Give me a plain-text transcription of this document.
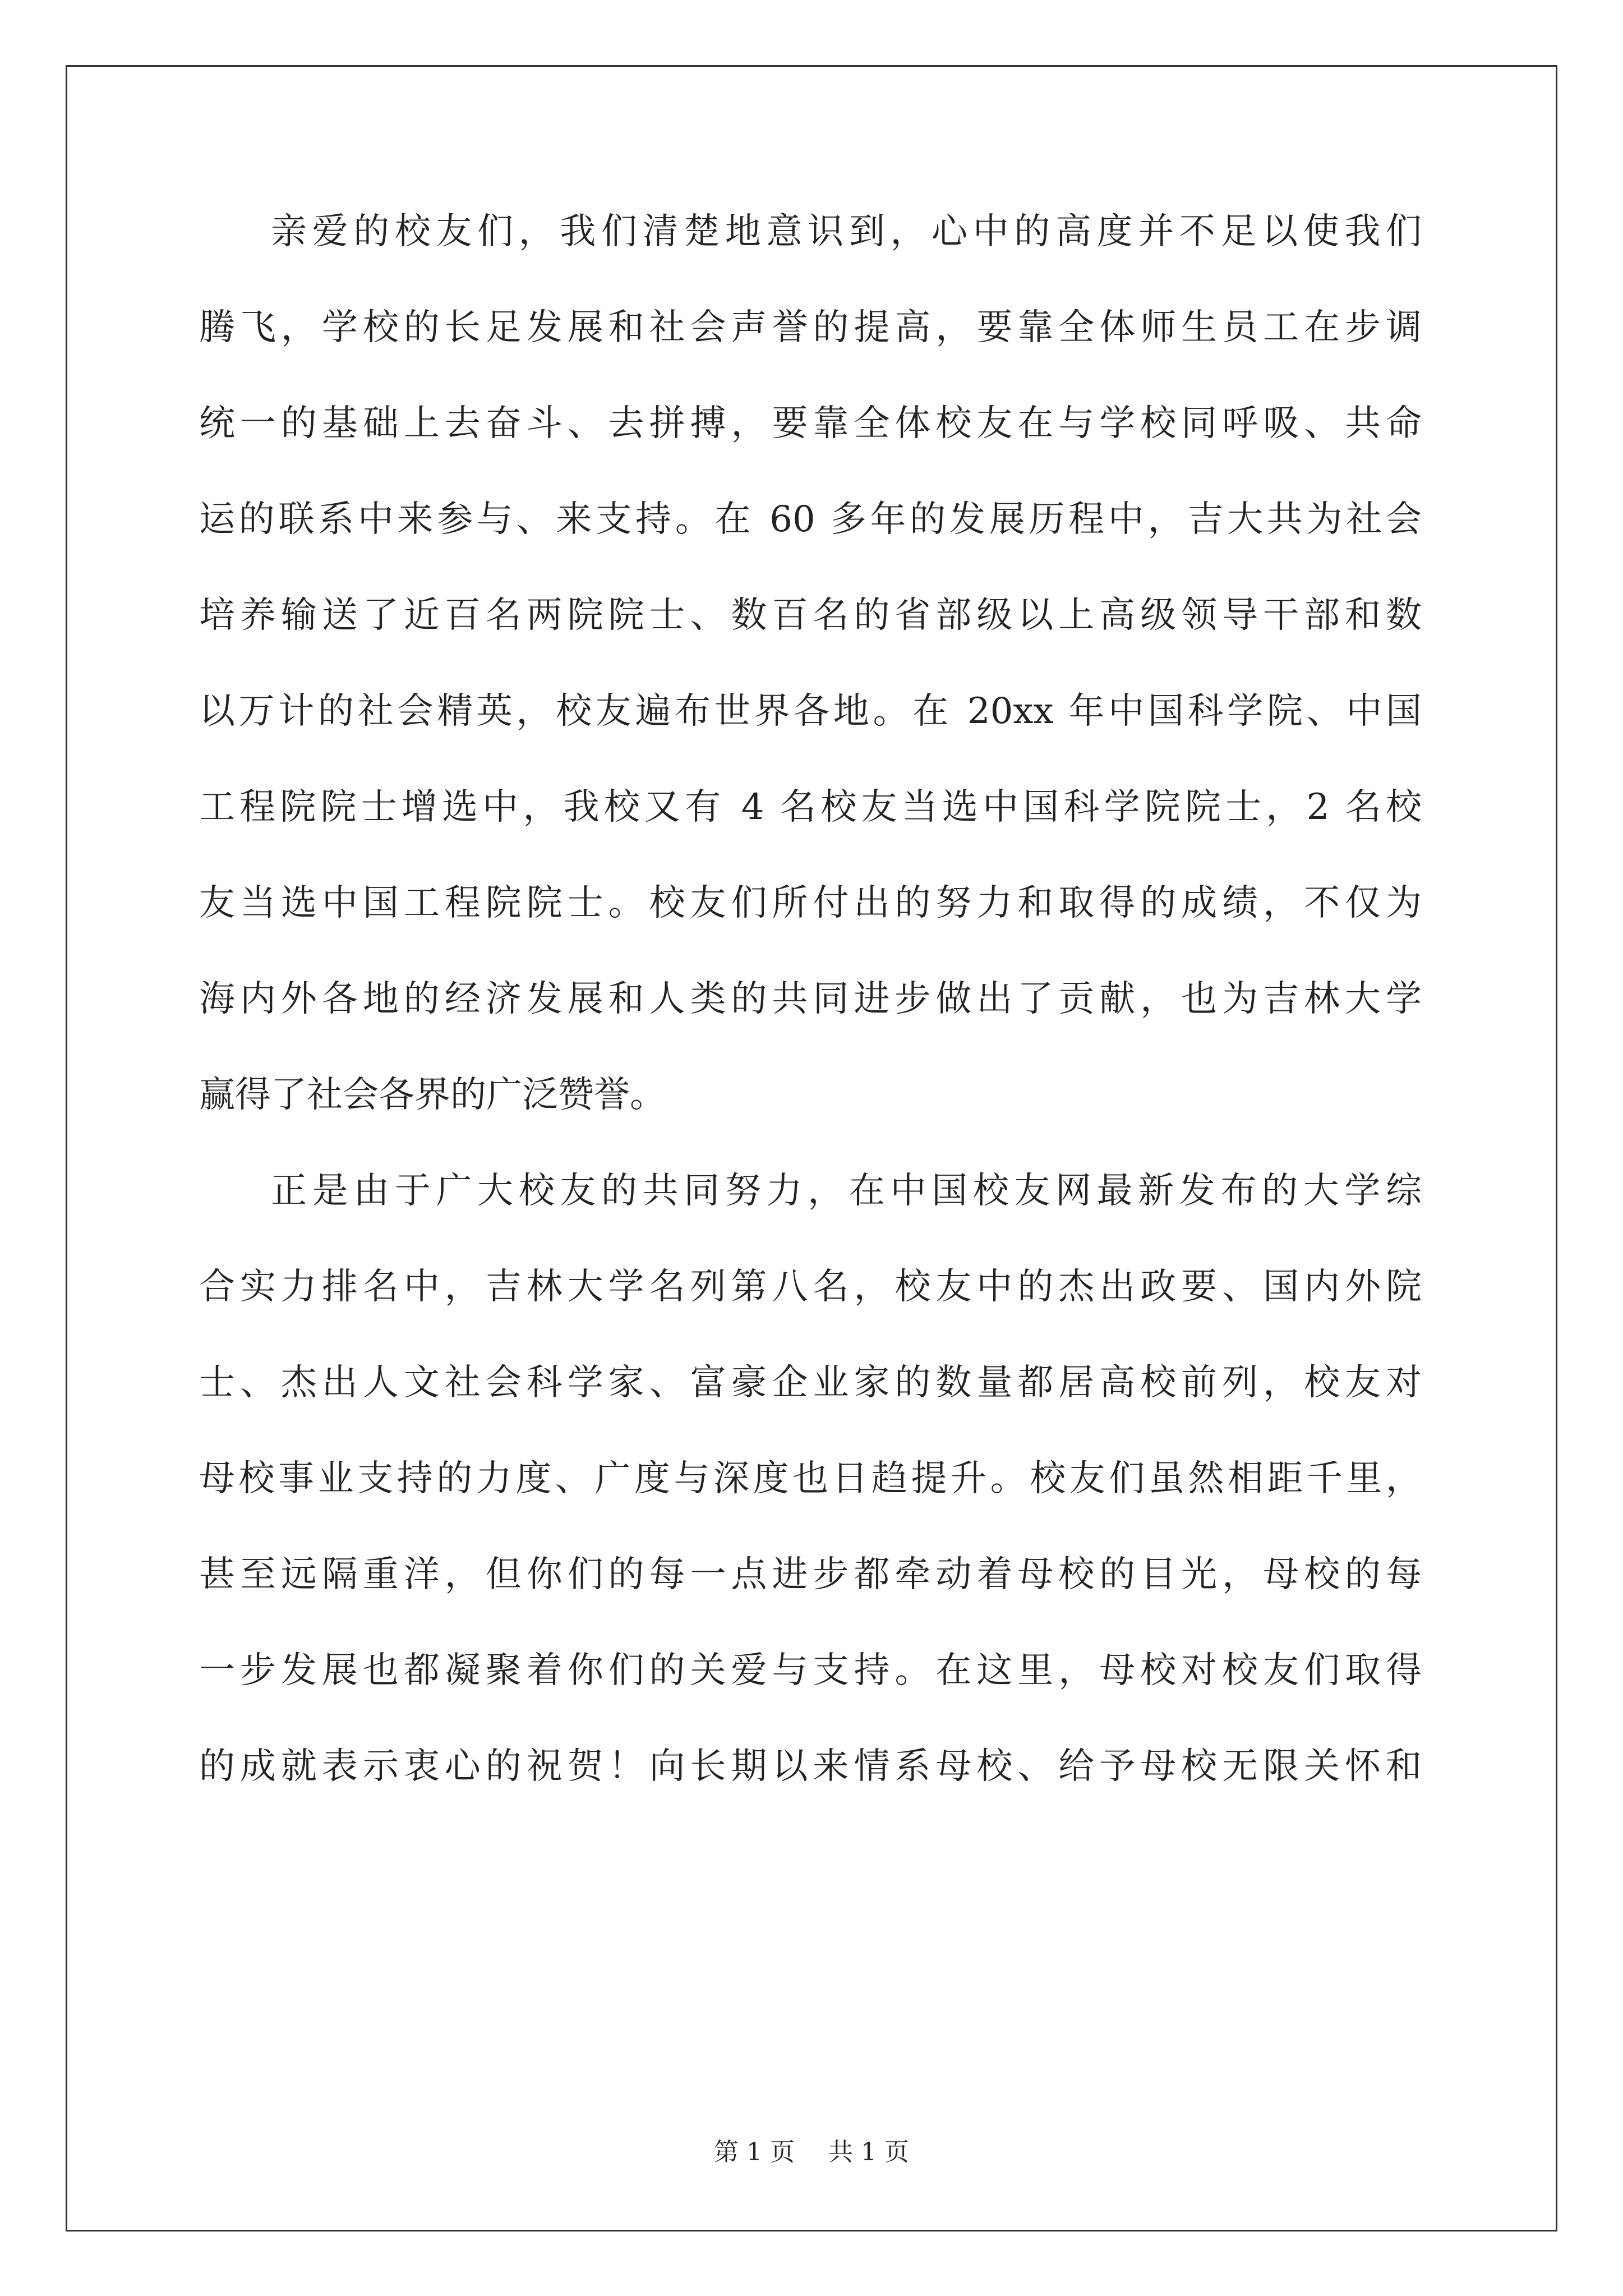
亲爱的校友们，我们清楚地意识到，心中的高度并不足以使我们
腾飞，学校的长足发展和社会声誉的提高，要靠全体师生员工在步调
统一的基础上去奋斗、去拼搏，要靠全体校友在与学校同呼吸、共命
运的联系中来参与、来支持。在 60 多年的发展历程中，吉大共为社会
培养输送了近百名两院院士、数百名的省部级以上高级领导干部和数
以万计的社会精英，校友遍布世界各地。在 20xx 年中国科学院、中国
工程院院士增选中，我校又有 4 名校友当选中国科学院院士，2 名校
友当选中国工程院院士。校友们所付出的努力和取得的成绩，不仅为
海内外各地的经济发展和人类的共同进步做出了贡献，也为吉林大学
赢得了社会各界的广泛赞誉。
正是由于广大校友的共同努力，在中国校友网最新发布的大学综
合实力排名中，吉林大学名列第八名，校友中的杰出政要、国内外院
士、杰出人文社会科学家、富豪企业家的数量都居高校前列，校友对
母校事业支持的力度、广度与深度也日趋提升。校友们虽然相距千里，
甚至远隔重洋，但你们的每一点进步都牵动着母校的目光，母校的每
一步发展也都凝聚着你们的关爱与支持。在这里，母校对校友们取得
的成就表示衷心的祝贺！向长期以来情系母校、给予母校无限关怀和
第 1 页 共 1 页
